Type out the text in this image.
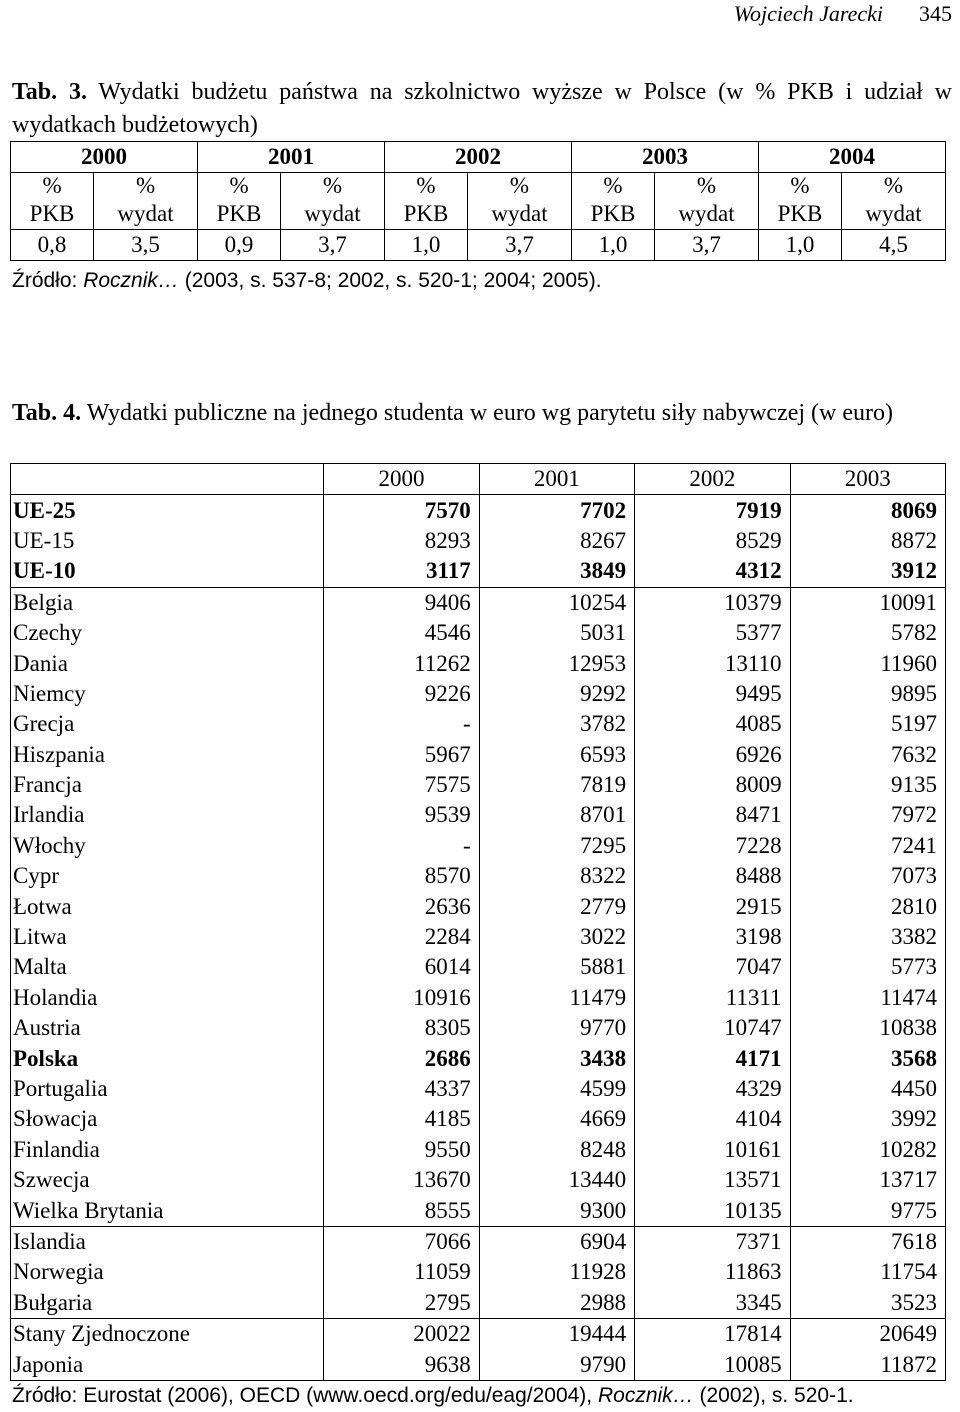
Wojciech Jarecki 345
Tab. 3. Wydatki budżetu państwa na szkolnictwo wyższe w Polsce (w % PKB i udział w wydatkach budżetowych)
2000		2001		2002		2003		2004	
%	%	%	%	%	%	%	%	%	%
PKB	wydat	PKB	wydat	PKB	wydat	PKB	wydat	PKB	wydat
0,8	3,5	0,9	3,7	1,0	3,7	1,0	3,7	1,0	4,5
Źródło: Rocznik… (2003, s. 537-8; 2002, s. 520-1; 2004; 2005).
Tab. 4. Wydatki publiczne na jednego studenta w euro wg parytetu siły nabywczej (w euro)
	2000	2001	2002	2003
UE-25	7570	7702	7919	8069
UE-15	8293	8267	8529	8872
UE-10	3117	3849	4312	3912
Belgia	9406	10254	10379	10091
Czechy	4546	5031	5377	5782
Dania	11262	12953	13110	11960
Niemcy	9226	9292	9495	9895
Grecja	-	3782	4085	5197
Hiszpania	5967	6593	6926	7632
Francja	7575	7819	8009	9135
Irlandia	9539	8701	8471	7972
Włochy	-	7295	7228	7241
Cypr	8570	8322	8488	7073
Łotwa	2636	2779	2915	2810
Litwa	2284	3022	3198	3382
Malta	6014	5881	7047	5773
Holandia	10916	11479	11311	11474
Austria	8305	9770	10747	10838
Polska	2686	3438	4171	3568
Portugalia	4337	4599	4329	4450
Słowacja	4185	4669	4104	3992
Finlandia	9550	8248	10161	10282
Szwecja	13670	13440	13571	13717
Wielka Brytania	8555	9300	10135	9775
Islandia	7066	6904	7371	7618
Norwegia	11059	11928	11863	11754
Bułgaria	2795	2988	3345	3523
Stany Zjednoczone	20022	19444	17814	20649
Japonia	9638	9790	10085	11872
Źródło: Eurostat (2006), OECD (www.oecd.org/edu/eag/2004), Rocznik… (2002), s. 520-1.
